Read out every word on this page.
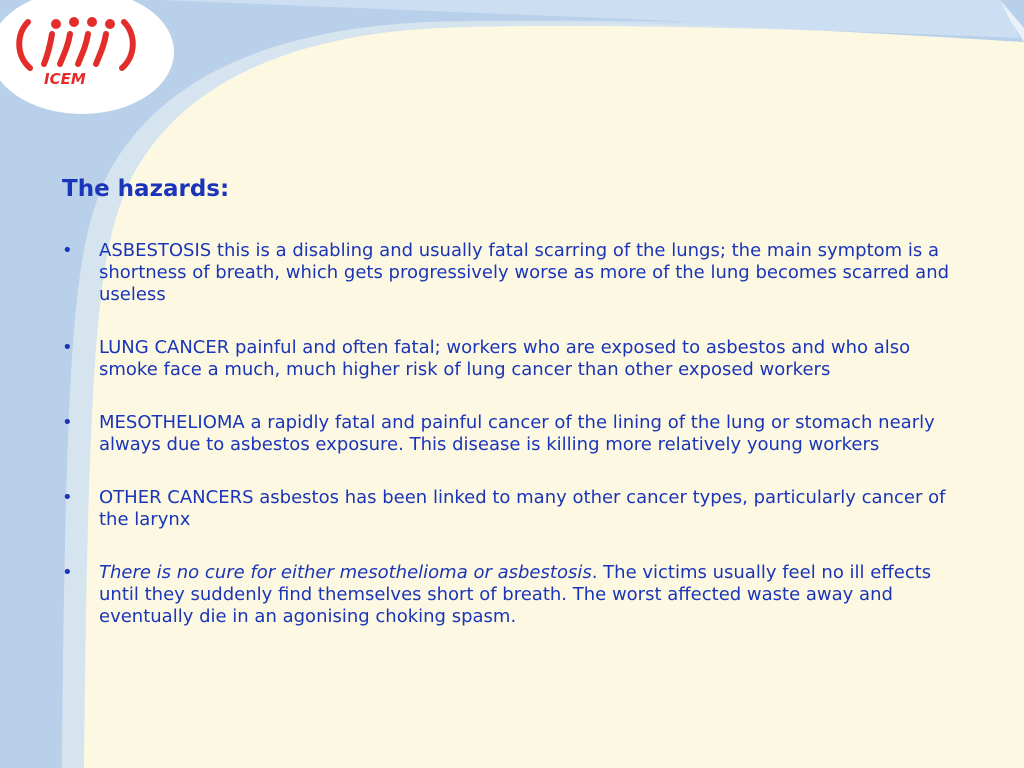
ICEM
The hazards:
•	ASBESTOSIS this is a disabling and usually fatal scarring of the lungs; the main symptom is a shortness of breath, which gets progressively worse as more of the lung becomes scarred and useless
•	LUNG CANCER painful and often fatal; workers who are exposed to asbestos and who also smoke face a much, much higher risk of lung cancer than other exposed workers
•	MESOTHELIOMA a rapidly fatal and painful cancer of the lining of the lung or stomach nearly always due to asbestos exposure. This disease is killing more relatively young workers
•	OTHER CANCERS asbestos has been linked to many other cancer types, particularly cancer of the larynx
•	There is no cure for either mesothelioma or asbestosis. The victims usually feel no ill effects until they suddenly find themselves short of breath. The worst affected waste away and eventually die in an agonising choking spasm.
